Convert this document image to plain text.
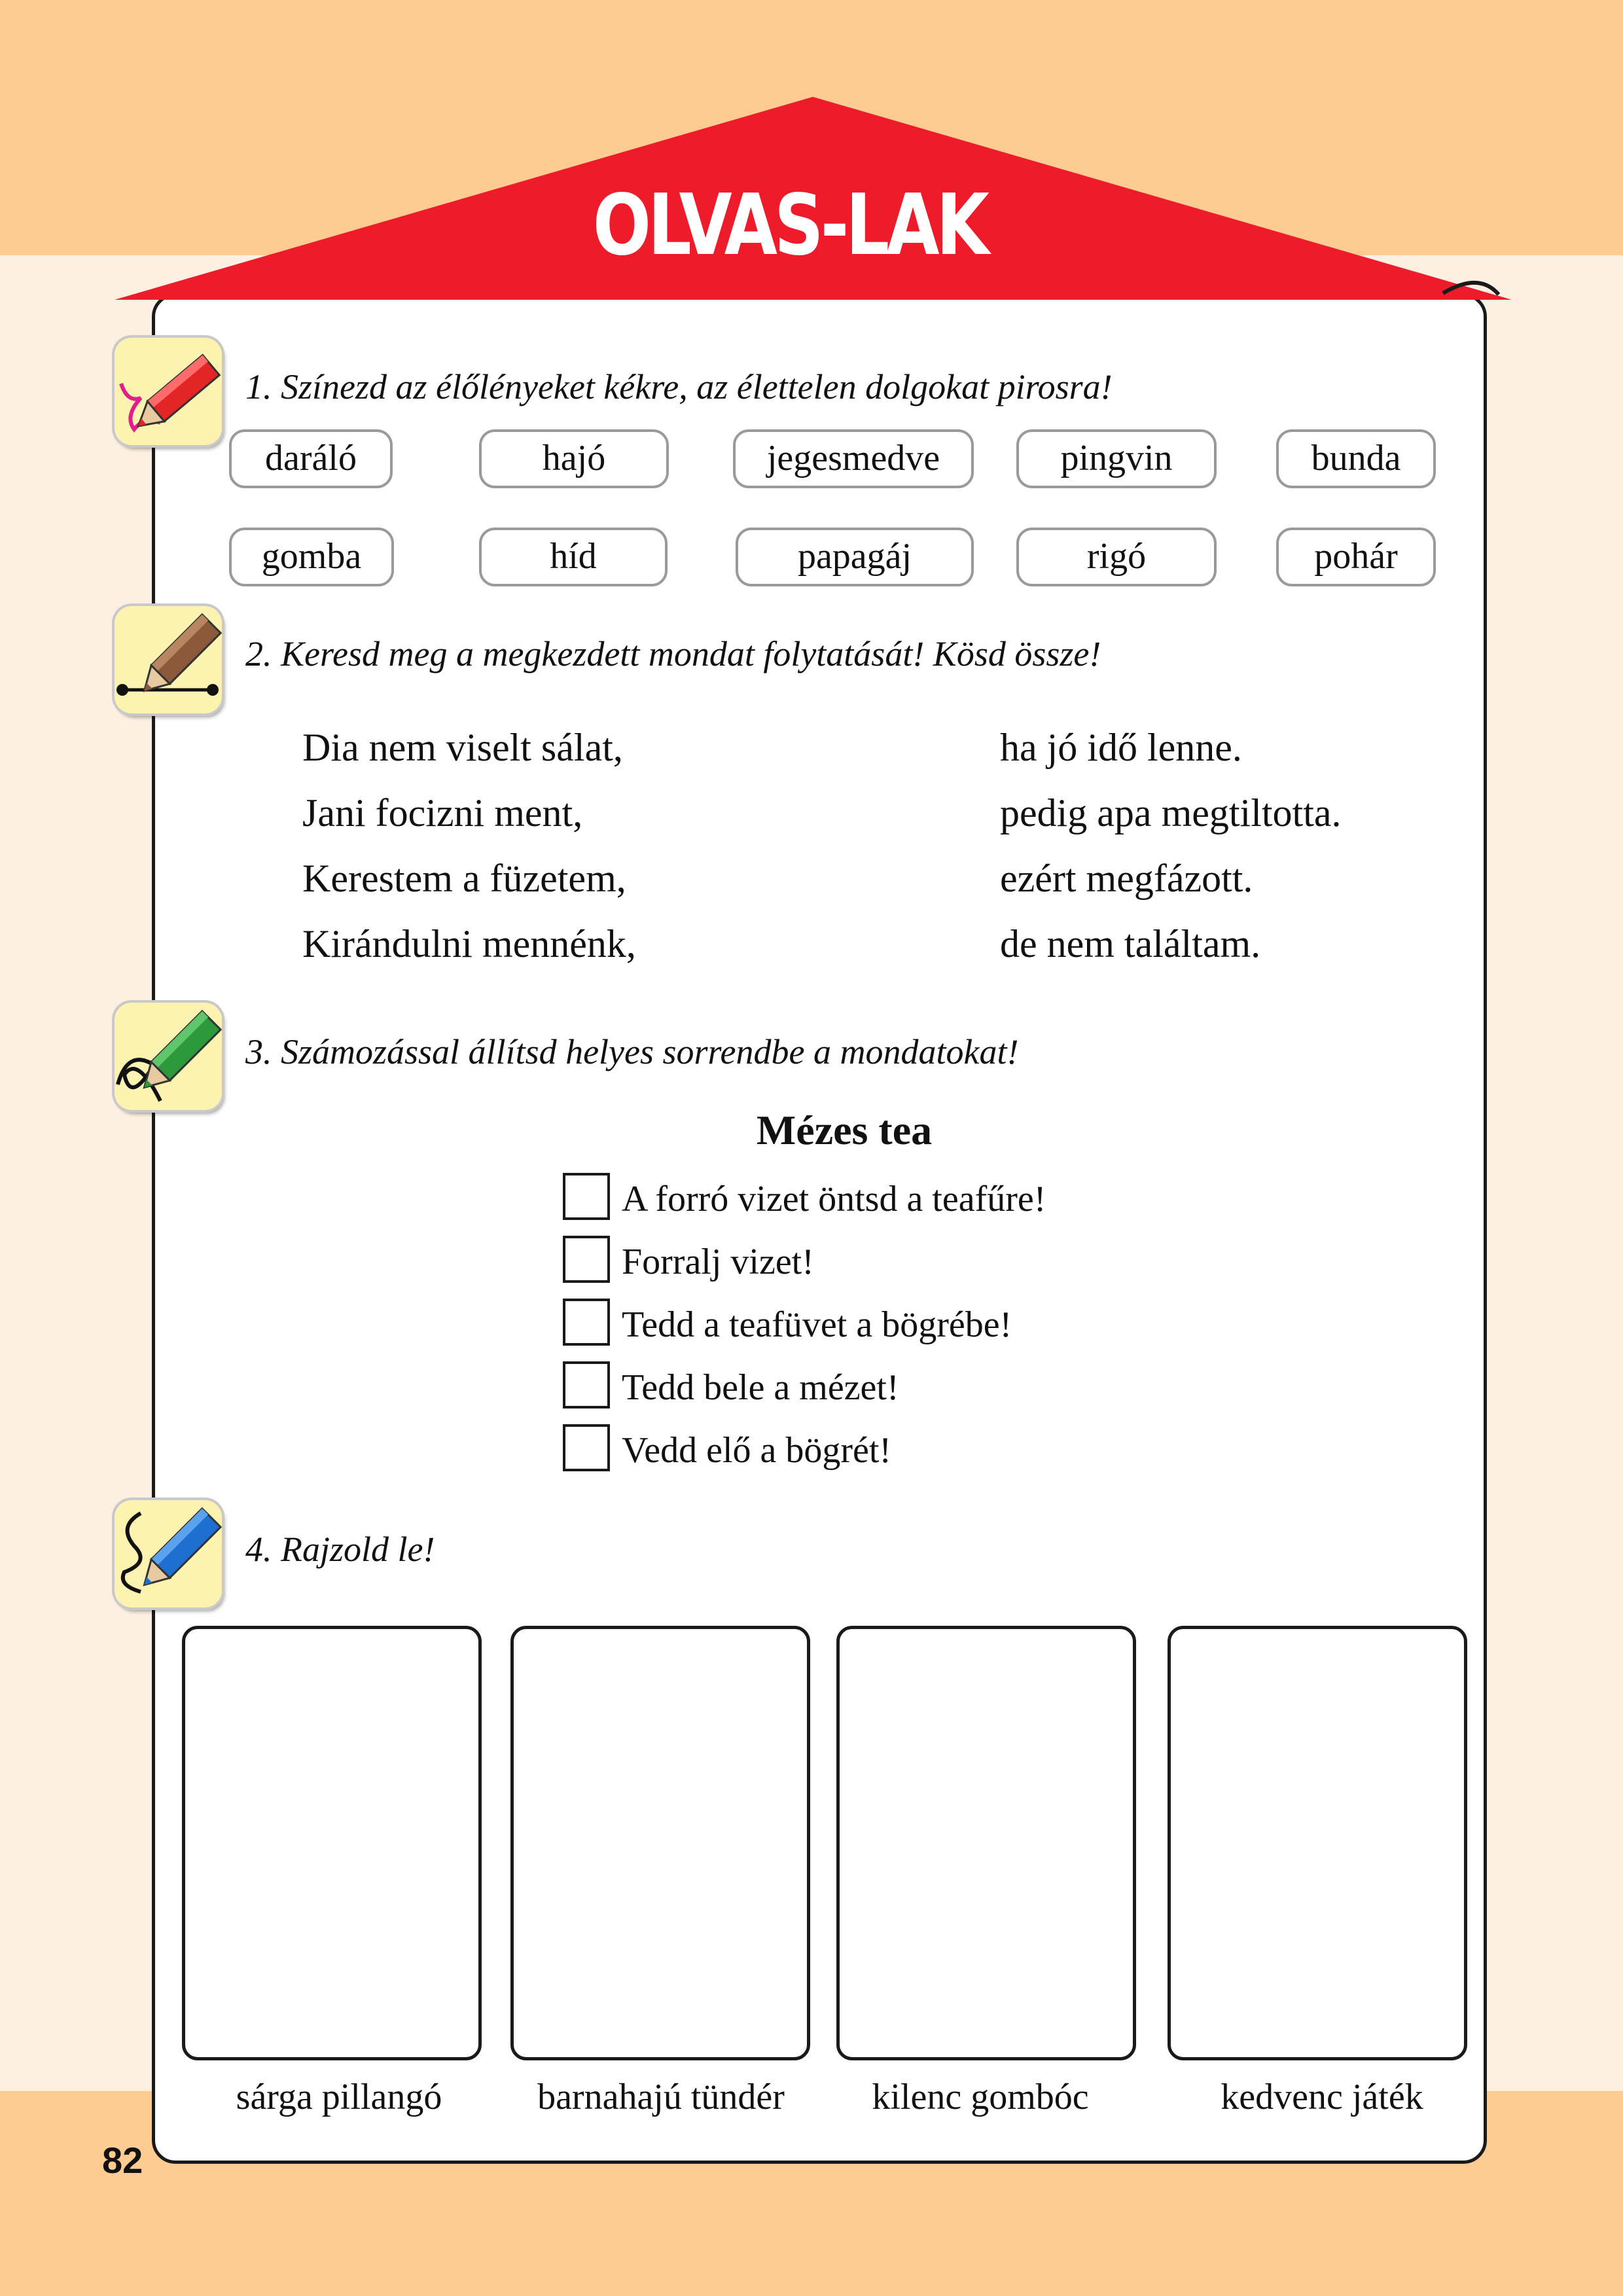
OLVAS-LAK
1. Színezd az élőlényeket kékre, az élettelen dolgokat pirosra!
daráló	hajó	jegesmedve	pingvin	bunda
gomba	híd	papagáj	rigó	pohár
2. Keresd meg a megkezdett mondat folytatását! Kösd össze!
Dia nem viselt sálat,
Jani focizni ment,
Kerestem a füzetem,
Kirándulni mennénk,
ha jó idő lenne.
pedig apa megtiltotta.
ezért megfázott.
de nem találtam.
3. Számozással állítsd helyes sorrendbe a mondatokat!
Mézes tea
A forró vizet öntsd a teafűre!
Forralj vizet!
Tedd a teafüvet a bögrébe!
Tedd bele a mézet!
Vedd elő a bögrét!
4. Rajzold le!
sárga pillangó	barnahajú tündér	kilenc gombóc	kedvenc játék
82
